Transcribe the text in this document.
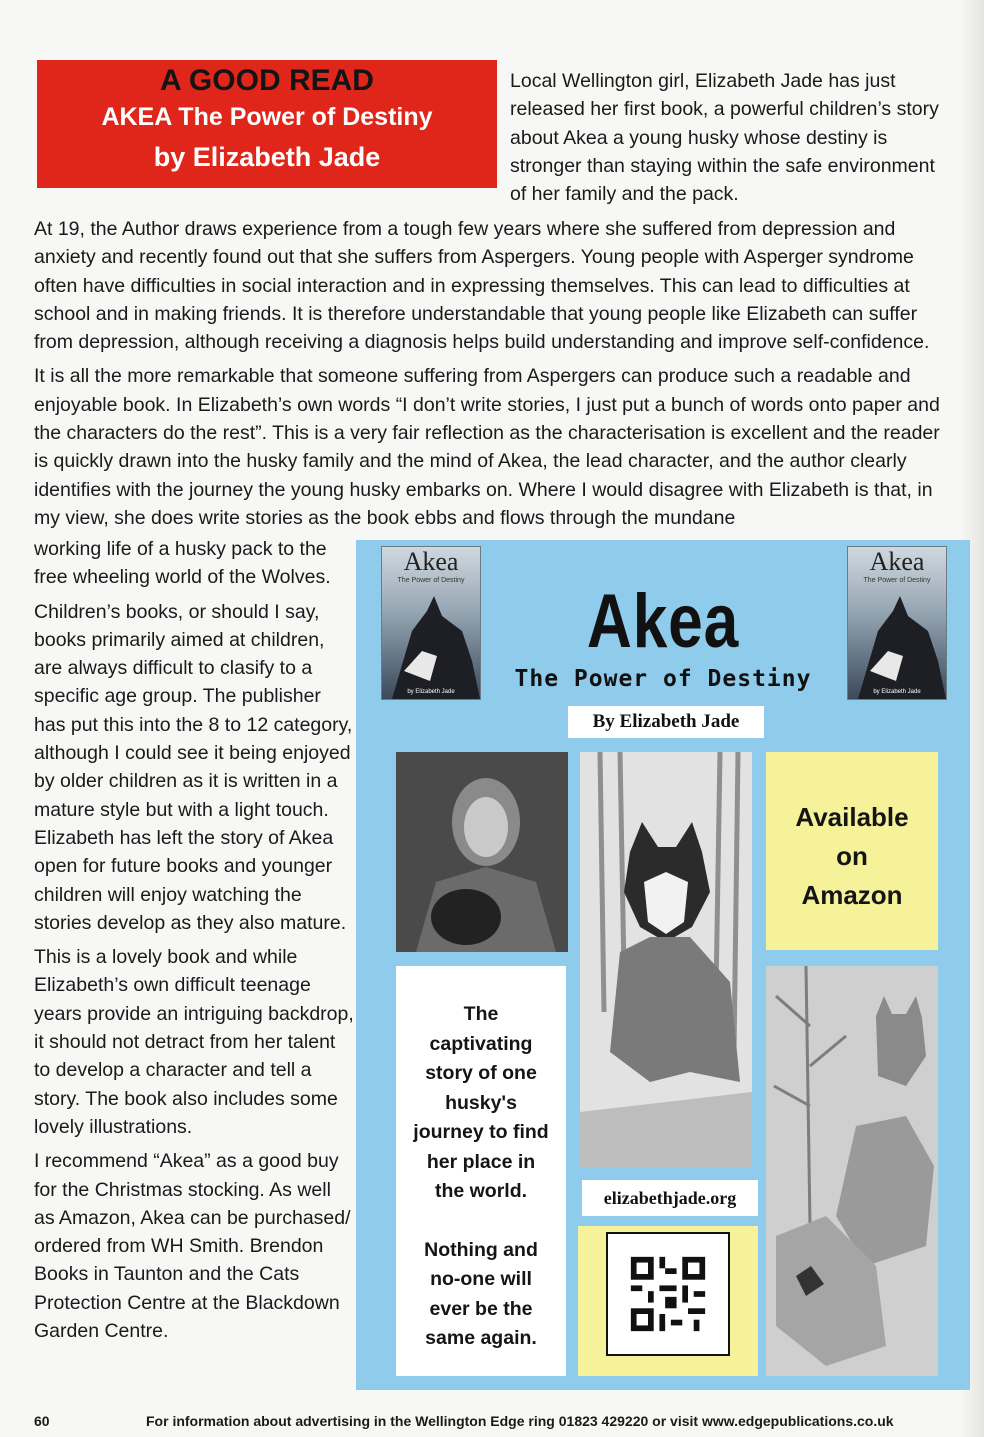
A GOOD READ
AKEA The Power of Destiny
by Elizabeth Jade

Local Wellington girl, Elizabeth Jade has just released her first book, a powerful children’s story about Akea a young husky whose destiny is stronger than staying within the safe environment of her family and the pack.

At 19, the Author draws experience from a tough few years where she suffered from depression and anxiety and recently found out that she suffers from Aspergers. Young people with Asperger syndrome often have difficulties in social interaction and in expressing themselves. This can lead to difficulties at school and in making friends. It is therefore understandable that young people like Elizabeth can suffer from depression, although receiving a diagnosis helps build understanding and improve self-confidence.

It is all the more remarkable that someone suffering from Aspergers can produce such a readable and enjoyable book. In Elizabeth’s own words “I don’t write stories, I just put a bunch of words onto paper and the characters do the rest”. This is a very fair reflection as the characterisation is excellent and the reader is quickly drawn into the husky family and the mind of Akea, the lead character, and the author clearly identifies with the journey the young husky embarks on. Where I would disagree with Elizabeth is that, in my view, she does write stories as the book ebbs and flows through the mundane

working life of a husky pack to the free wheeling world of the Wolves.

Children’s books, or should I say, books primarily aimed at children, are always difficult to clasify to a specific age group. The publisher has put this into the 8 to 12 category, although I could see it being enjoyed by older children as it is written in a mature style but with a light touch. Elizabeth has left the story of Akea open for future books and younger children will enjoy watching the stories develop as they also mature.

This is a lovely book and while Elizabeth’s own difficult teenage years provide an intriguing backdrop, it should not detract from her talent to develop a character and tell a story. The book also includes some lovely illustrations.

I recommend “Akea” as a good buy for the Christmas stocking. As well as Amazon, Akea can be purchased/ ordered from WH Smith. Brendon Books in Taunton and the Cats Protection Centre at the Blackdown Garden Centre.

Akea
The Power of Destiny
by Elizabeth Jade
Akea
The Power of Destiny
by Elizabeth Jade
Akea
The Power of Destiny
By Elizabeth Jade
Available
on
Amazon
The
captivating
story of one
husky's
journey to find
her place in
the world.
Nothing and
no-one will
ever be the
same again.
elizabethjade.org
60	For information about advertising in the Wellington Edge ring 01823 429220 or visit www.edgepublications.co.uk
